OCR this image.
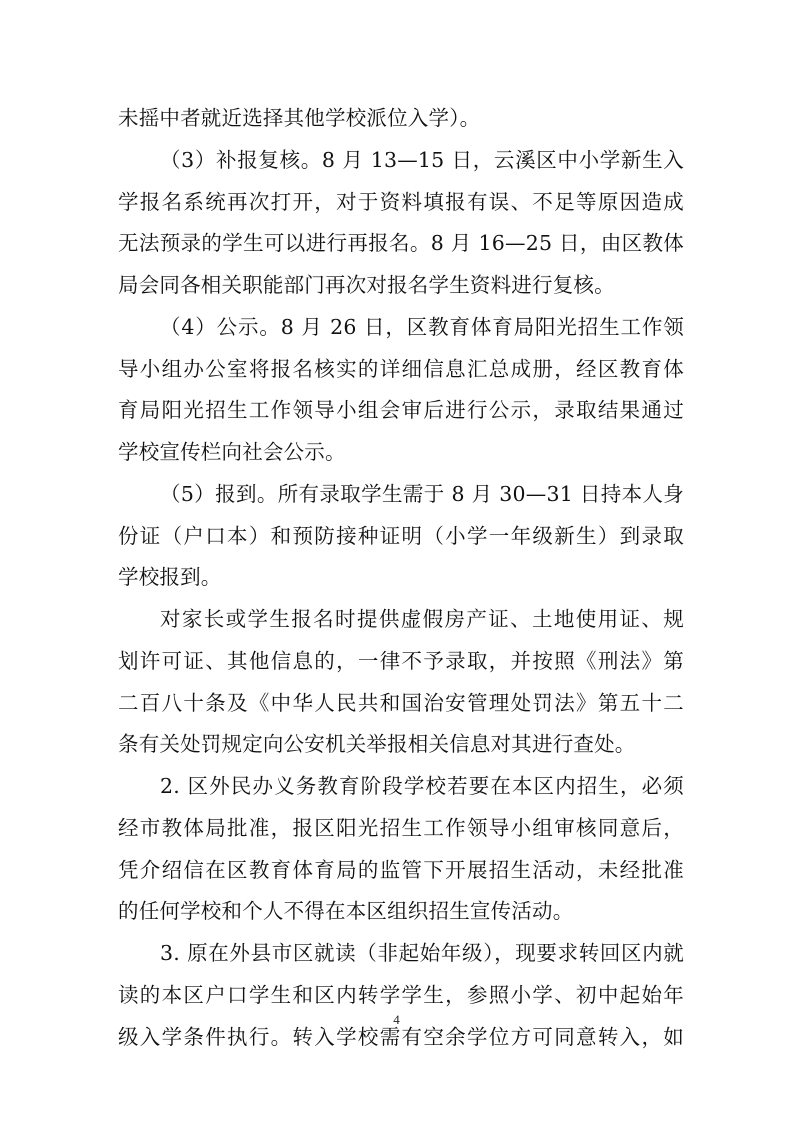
未摇中者就近选择其他学校派位入学）。
（3）补报复核。8 月 13—15 日，云溪区中小学新生入
学报名系统再次打开，对于资料填报有误、不足等原因造成
无法预录的学生可以进行再报名。8 月 16—25 日，由区教体
局会同各相关职能部门再次对报名学生资料进行复核。
（4）公示。8 月 26 日，区教育体育局阳光招生工作领
导小组办公室将报名核实的详细信息汇总成册，经区教育体
育局阳光招生工作领导小组会审后进行公示，录取结果通过
学校宣传栏向社会公示。
（5）报到。所有录取学生需于 8 月 30—31 日持本人身
份证（户口本）和预防接种证明（小学一年级新生）到录取
学校报到。
对家长或学生报名时提供虚假房产证、土地使用证、规
划许可证、其他信息的，一律不予录取，并按照《刑法》第
二百八十条及《中华人民共和国治安管理处罚法》第五十二
条有关处罚规定向公安机关举报相关信息对其进行查处。
2. 区外民办义务教育阶段学校若要在本区内招生，必须
经市教体局批准，报区阳光招生工作领导小组审核同意后，
凭介绍信在区教育体育局的监管下开展招生活动，未经批准
的任何学校和个人不得在本区组织招生宣传活动。
3. 原在外县市区就读（非起始年级），现要求转回区内就
读的本区户口学生和区内转学学生，参照小学、初中起始年
级入学条件执行。转入学校需有空余学位方可同意转入，如
4
